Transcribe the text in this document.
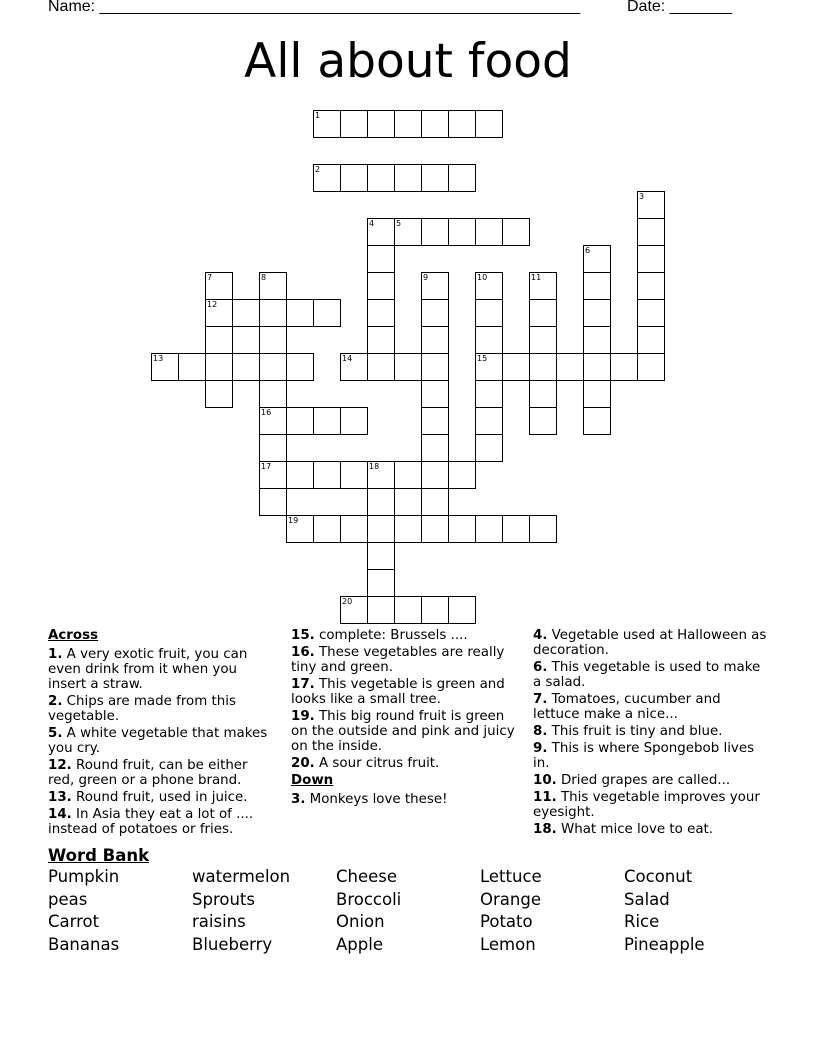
Name: ______________________________________________________	Date: _______
All about food
1
2
3
4	5
6
7
12
8
16
17
9	10
15
11
13	14
18
19
20
Across
1. A very exotic fruit, you can even drink from it when you insert a straw.
2. Chips are made from this vegetable.
5. A white vegetable that makes you cry.
12. Round fruit, can be either red, green or a phone brand.
13. Round fruit, used in juice.
14. In Asia they eat a lot of .... instead of potatoes or fries.
15. complete: Brussels ....
16. These vegetables are really tiny and green.
17. This vegetable is green and looks like a small tree.
19. This big round fruit is green on the outside and pink and juicy on the inside.
20. A sour citrus fruit.
Down
3. Monkeys love these!
4. Vegetable used at Halloween as decoration.
6. This vegetable is used to make a salad.
7. Tomatoes, cucumber and lettuce make a nice...
8. This fruit is tiny and blue.
9. This is where Spongebob lives in.
10. Dried grapes are called...
11. This vegetable improves your eyesight.
18. What mice love to eat.
Word Bank
Pumpkin
peas
Carrot
Bananas
watermelon
Sprouts
raisins
Blueberry
Cheese
Broccoli
Onion
Apple
Lettuce
Orange
Potato
Lemon
Coconut
Salad
Rice
Pineapple
